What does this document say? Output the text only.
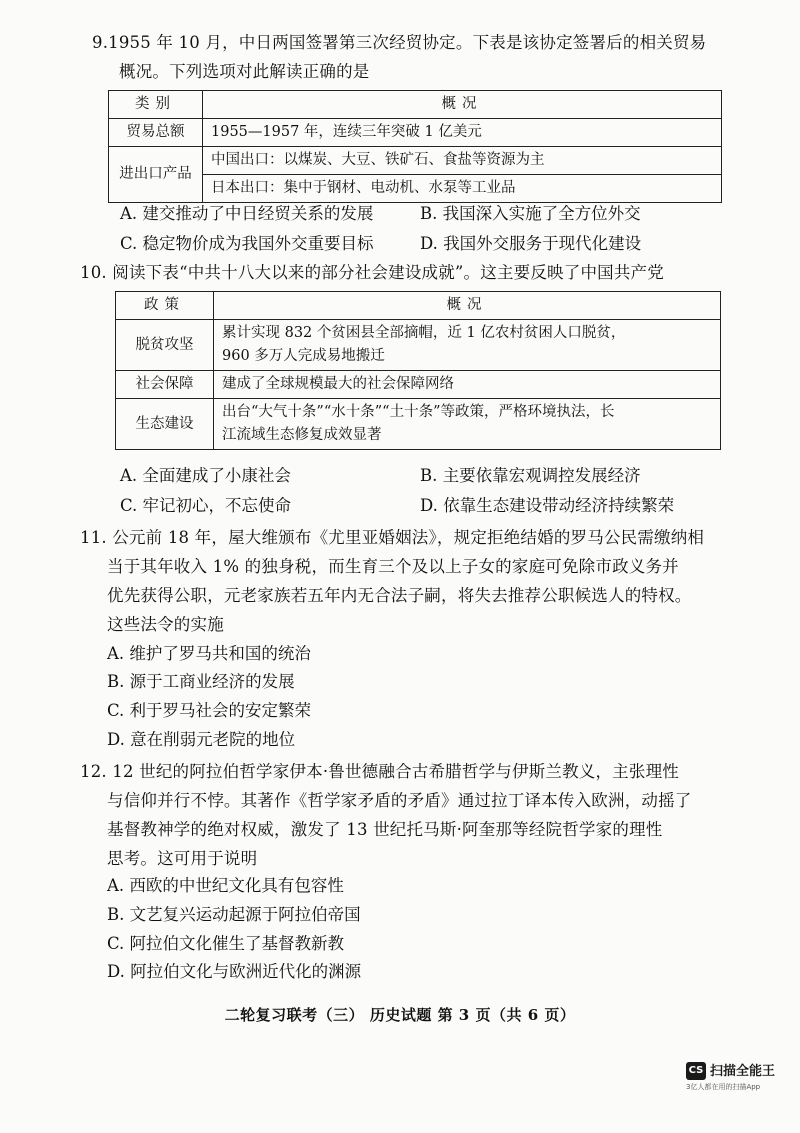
9.1955 年 10 月，中日两国签署第三次经贸协定。下表是该协定签署后的相关贸易
概况。下列选项对此解读正确的是

类别	概况
贸易总额	1955—1957 年，连续三年突破 1 亿美元
进出口产品	中国出口：以煤炭、大豆、铁矿石、食盐等资源为主
	日本出口：集中于钢材、电动机、水泵等工业品
A. 建交推动了中日经贸关系的发展	B. 我国深入实施了全方位外交
C. 稳定物价成为我国外交重要目标	D. 我国外交服务于现代化建设

10. 阅读下表“中共十八大以来的部分社会建设成就”。这主要反映了中国共产党

政策	概况
脱贫攻坚	累计实现 832 个贫困县全部摘帽，近 1 亿农村贫困人口脱贫，
960 多万人完成易地搬迁

社会保障	建成了全球规模最大的社会保障网络
生态建设	出台“大气十条”“水十条”“土十条”等政策，严格环境执法，长
江流域生态修复成效显著
A. 全面建成了小康社会	B. 主要依靠宏观调控发展经济
C. 牢记初心，不忘使命	D. 依靠生态建设带动经济持续繁荣

11. 公元前 18 年，屋大维颁布《尤里亚婚姻法》，规定拒绝结婚的罗马公民需缴纳相
当于其年收入 1% 的独身税，而生育三个及以上子女的家庭可免除市政义务并
优先获得公职，元老家族若五年内无合法子嗣，将失去推荐公职候选人的特权。
这些法令的实施

A. 维护了罗马共和国的统治
B. 源于工商业经济的发展
C. 利于罗马社会的安定繁荣
D. 意在削弱元老院的地位

12. 12 世纪的阿拉伯哲学家伊本·鲁世德融合古希腊哲学与伊斯兰教义，主张理性
与信仰并行不悖。其著作《哲学家矛盾的矛盾》通过拉丁译本传入欧洲，动摇了
基督教神学的绝对权威，激发了 13 世纪托马斯·阿奎那等经院哲学家的理性
思考。这可用于说明

A. 西欧的中世纪文化具有包容性
B. 文艺复兴运动起源于阿拉伯帝国
C. 阿拉伯文化催生了基督教新教
D. 阿拉伯文化与欧洲近代化的渊源
二轮复习联考（三） 历史试题 第 3 页（共 6 页）
CS 扫描全能王
3亿人都在用的扫描App
